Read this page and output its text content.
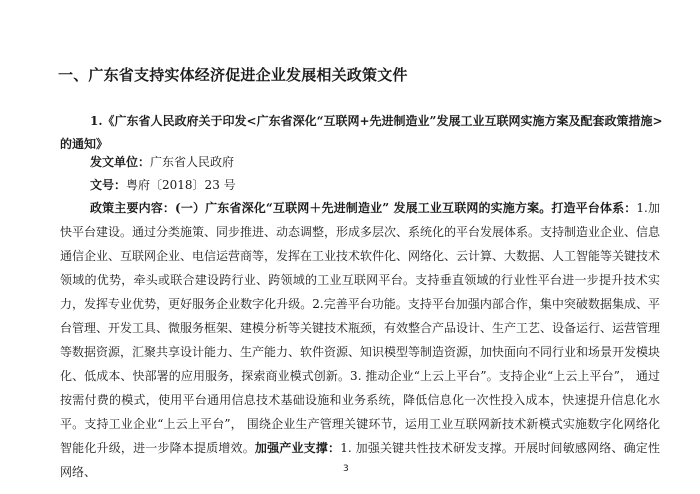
一、广东省支持实体经济促进企业发展相关政策文件
1.《广东省人民政府关于印发<广东省深化“互联网+先进制造业”发展工业互联网实施方案及配套政策措施>
的通知》
发文单位：广东省人民政府
文号：粤府〔2018〕23 号

政策主要内容：(一）广东省深化“互联网＋先进制造业” 发展工业互联网的实施方案。打造平台体系：1.加快平台建设。通过分类施策、同步推进、动态调整，形成多层次、系统化的平台发展体系。支持制造业企业、信息通信企业、互联网企业、电信运营商等，发挥在工业技术软件化、网络化、云计算、大数据、人工智能等关键技术领域的优势，牵头或联合建设跨行业、跨领域的工业互联网平台。支持垂直领域的行业性平台进一步提升技术实力，发挥专业优势，更好服务企业数字化升级。2.完善平台功能。支持平台加强内部合作，集中突破数据集成、平台管理、开发工具、微服务框架、建模分析等关键技术瓶颈，有效整合产品设计、生产工艺、设备运行、运营管理等数据资源，汇聚共享设计能力、生产能力、软件资源、知识模型等制造资源，加快面向不同行业和场景开发模块化、低成本、快部署的应用服务，探索商业模式创新。3. 推动企业“上云上平台”。支持企业“上云上平台”， 通过按需付费的模式，使用平台通用信息技术基础设施和业务系统，降低信息化一次性投入成本，快速提升信息化水平。支持工业企业“上云上平台”， 围绕企业生产管理关键环节，运用工业互联网新技术新模式实施数字化网络化智能化升级，进一步降本提质增效。加强产业支撑：1. 加强关键共性技术研发支撑。开展时间敏感网络、确定性网络、	3
